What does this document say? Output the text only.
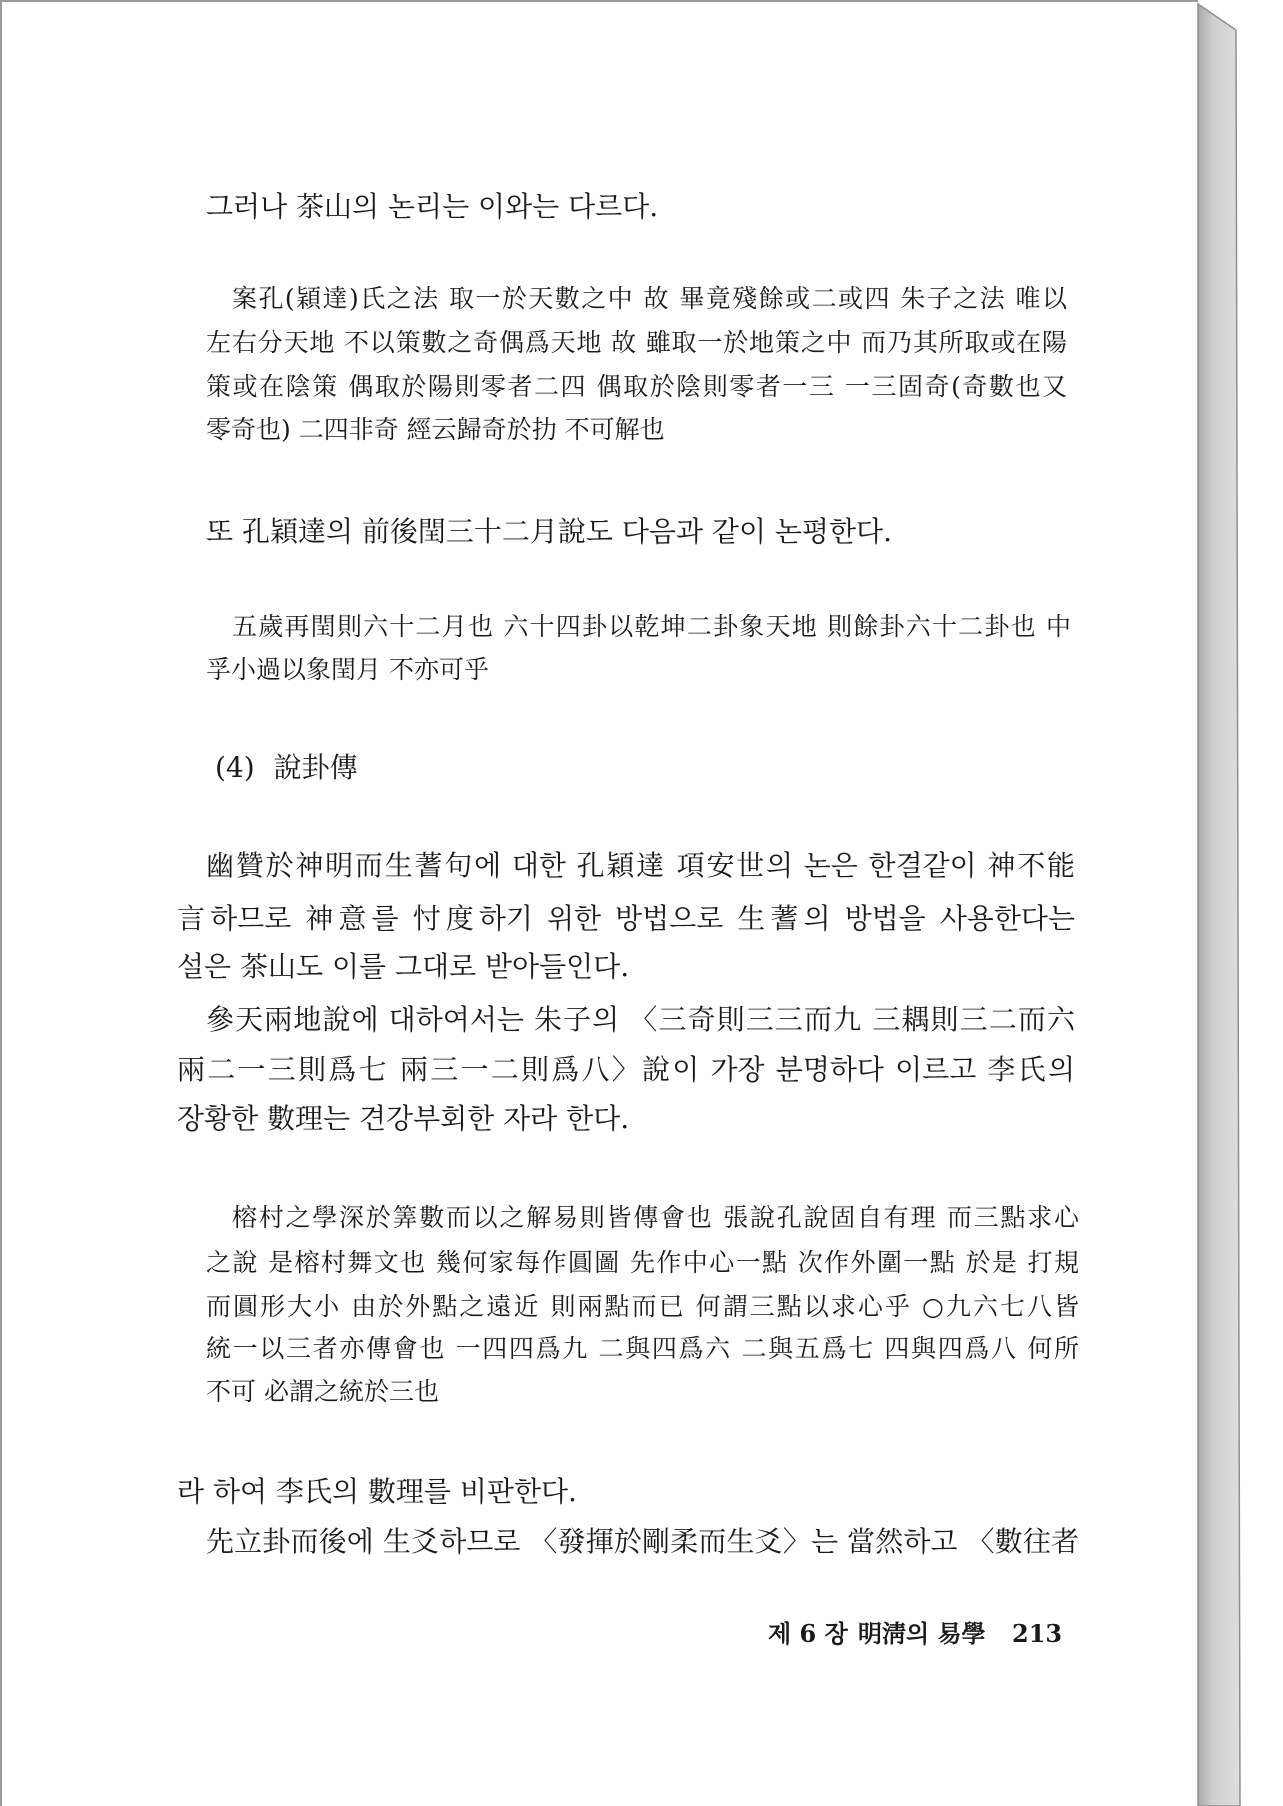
그러나 茶山의 논리는 이와는 다르다.
案孔(穎達)氏之法 取一於天數之中 故 畢竟殘餘或二或四 朱子之法 唯以
左右分天地 不以策數之奇偶爲天地 故 雖取一於地策之中 而乃其所取或在陽
策或在陰策 偶取於陽則零者二四 偶取於陰則零者一三 一三固奇(奇數也又
零奇也) 二四非奇 經云歸奇於扐 不可解也
또 孔穎達의 前後閏三十二月說도 다음과 같이 논평한다.
五歲再閏則六十二月也 六十四卦以乾坤二卦象天地 則餘卦六十二卦也 中
孚小過以象閏月 不亦可乎
(4) 說卦傳
幽贊於神明而生蓍句에 대한 孔穎達 項安世의 논은 한결같이 神不能
言하므로 神意를 忖度하기 위한 방법으로 生蓍의 방법을 사용한다는
설은 茶山도 이를 그대로 받아들인다.
參天兩地說에 대하여서는 朱子의 〈三奇則三三而九 三耦則三二而六
兩二一三則爲七 兩三一二則爲八〉說이 가장 분명하다 이르고 李氏의
장황한 數理는 견강부회한 자라 한다.
榕村之學深於筭數而以之解易則皆傳會也 張說孔說固自有理 而三點求心
之說 是榕村舞文也 幾何家每作圓圖 先作中心一點 次作外圍一點 於是 打規
而圓形大小 由於外點之遠近 則兩點而已 何謂三點以求心乎 ○九六七八皆
統一以三者亦傳會也 一四四爲九 二與四爲六 二與五爲七 四與四爲八 何所
不可 必謂之統於三也
라 하여 李氏의 數理를 비판한다.
先立卦而後에 生爻하므로 〈發揮於剛柔而生爻〉는 當然하고 〈數往者
제 6 장 明淸의 易學 213
